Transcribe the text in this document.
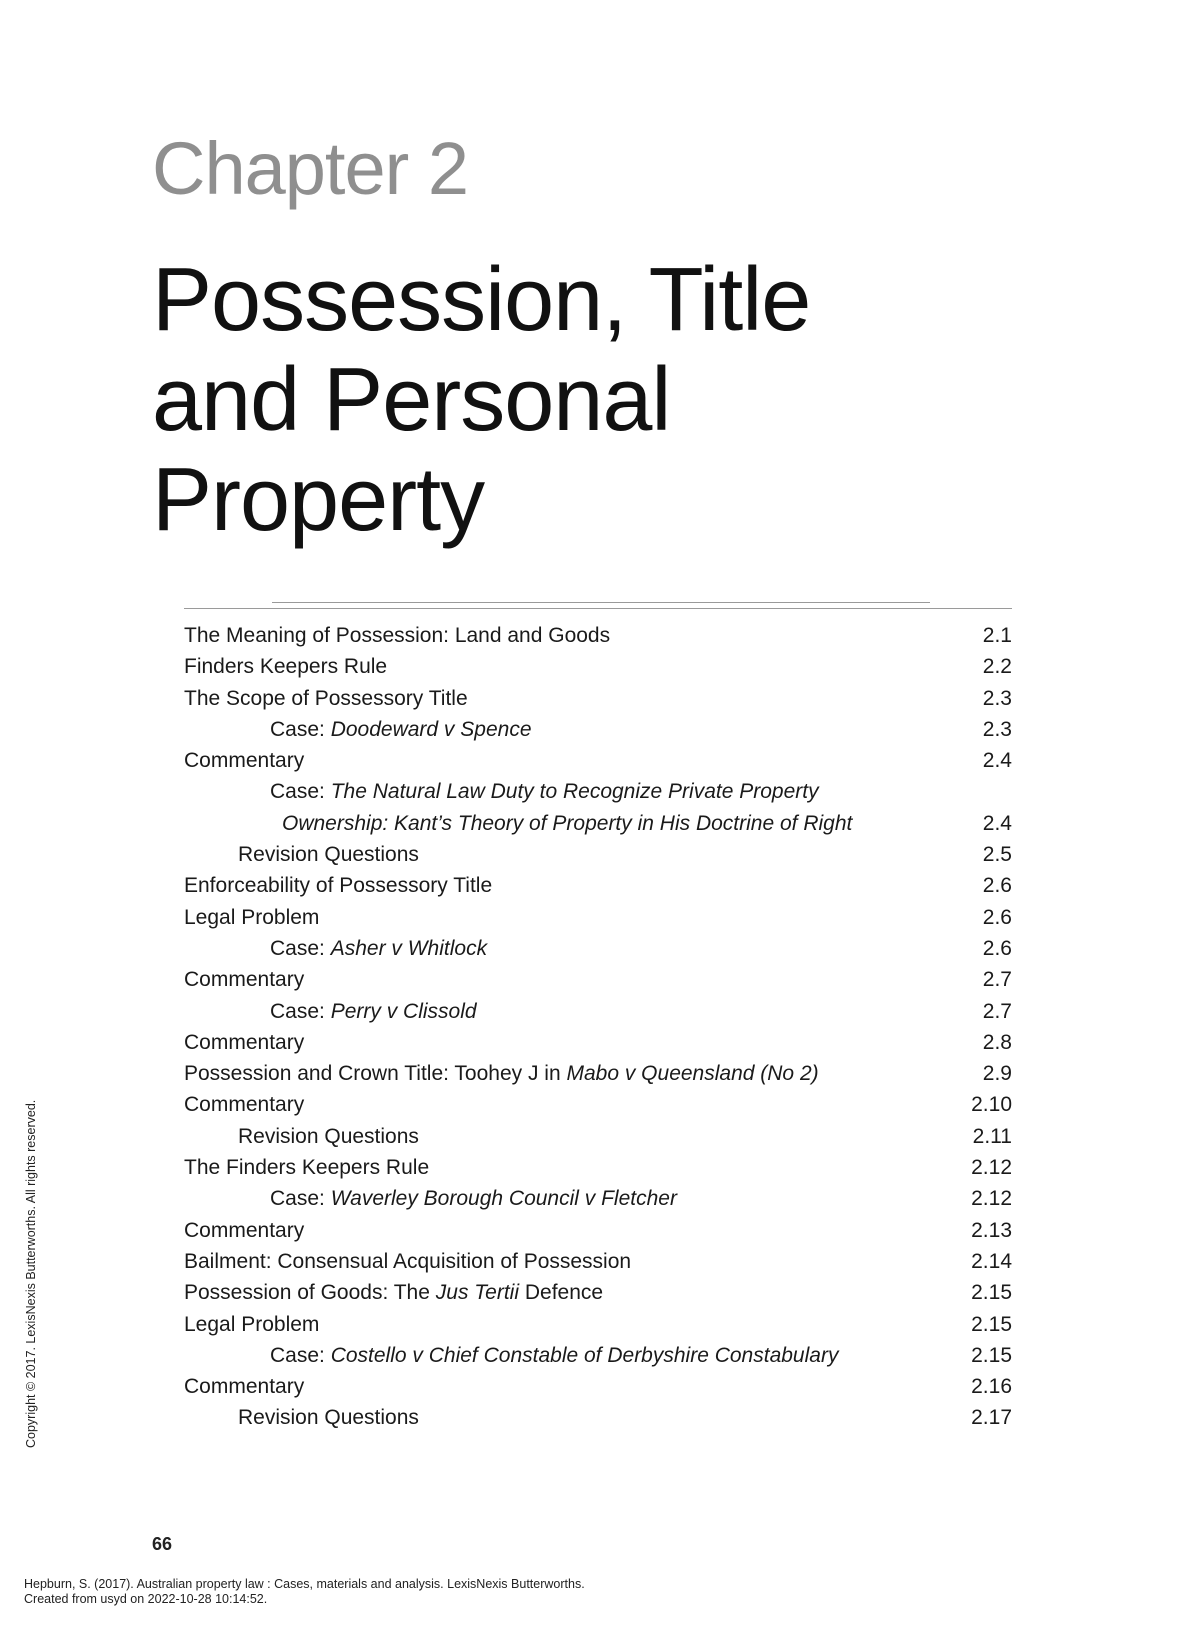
Chapter 2
Possession, Title
and Personal
Property
The Meaning of Possession: Land and Goods	2.1
Finders Keepers Rule	2.2
The Scope of Possessory Title	2.3
Case: Doodeward v Spence	2.3
Commentary	2.4
Case: The Natural Law Duty to Recognize Private Property
Ownership: Kant’s Theory of Property in His Doctrine of Right	2.4
Revision Questions	2.5
Enforceability of Possessory Title	2.6
Legal Problem	2.6
Case: Asher v Whitlock	2.6
Commentary	2.7
Case: Perry v Clissold	2.7
Commentary	2.8
Possession and Crown Title: Toohey J in Mabo v Queensland (No 2)	2.9
Commentary	2.10
Revision Questions	2.11
The Finders Keepers Rule	2.12
Case: Waverley Borough Council v Fletcher	2.12
Commentary	2.13
Bailment: Consensual Acquisition of Possession	2.14
Possession of Goods: The Jus Tertii Defence	2.15
Legal Problem	2.15
Case: Costello v Chief Constable of Derbyshire Constabulary	2.15
Commentary	2.16
Revision Questions	2.17
66
Copyright © 2017. LexisNexis Butterworths. All rights reserved.
Hepburn, S. (2017). Australian property law : Cases, materials and analysis. LexisNexis Butterworths.
Created from usyd on 2022-10-28 10:14:52.
